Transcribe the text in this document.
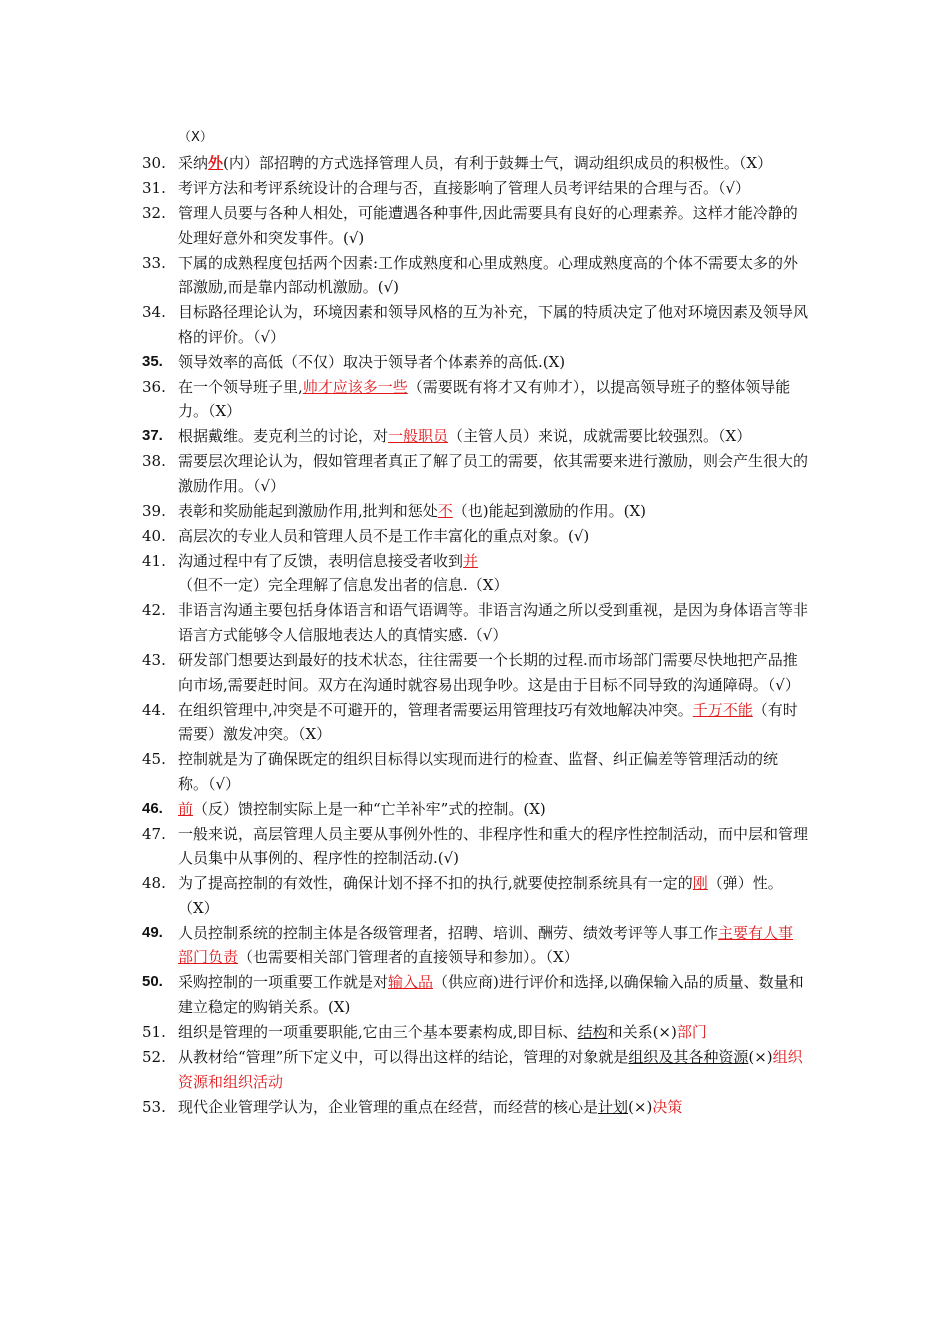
（X）
30. 采纳外(内）部招聘的方式选择管理人员，有利于鼓舞士气，调动组织成员的积极性。（X）
31. 考评方法和考评系统设计的合理与否，直接影响了管理人员考评结果的合理与否。（√）
32. 管理人员要与各种人相处，可能遭遇各种事件,因此需要具有良好的心理素养。这样才能冷静的处理好意外和突发事件。(√)
33. 下属的成熟程度包括两个因素:工作成熟度和心里成熟度。心理成熟度高的个体不需要太多的外部激励,而是靠内部动机激励。(√)
34. 目标路径理论认为，环境因素和领导风格的互为补充，下属的特质决定了他对环境因素及领导风格的评价。（√）
35.	领导效率的高低（不仅）取决于领导者个体素养的高低.(X)
36. 在一个领导班子里,帅才应该多一些（需要既有将才又有帅才），以提高领导班子的整体领导能力。（X）
37.	根据戴维。麦克利兰的讨论，对一般职员（主管人员）来说，成就需要比较强烈。（X）
38. 需要层次理论认为，假如管理者真正了解了员工的需要，依其需要来进行激励，则会产生很大的激励作用。（√）
39. 表彰和奖励能起到激励作用,批判和惩处不（也)能起到激励的作用。(X)
40. 高层次的专业人员和管理人员不是工作丰富化的重点对象。(√)
41. 沟通过程中有了反馈，表明信息接受者收到并（但不一定）完全理解了信息发出者的信息.（X）
42. 非语言沟通主要包括身体语言和语气语调等。非语言沟通之所以受到重视，是因为身体语言等非语言方式能够令人信服地表达人的真情实感.（√）
43. 研发部门想要达到最好的技术状态，往往需要一个长期的过程.而市场部门需要尽快地把产品推向市场,需要赶时间。双方在沟通时就容易出现争吵。这是由于目标不同导致的沟通障碍。（√）
44. 在组织管理中,冲突是不可避开的，管理者需要运用管理技巧有效地解决冲突。千万不能（有时需要）激发冲突。（X）
45. 控制就是为了确保既定的组织目标得以实现而进行的检查、监督、纠正偏差等管理活动的统称。（√）
46.	前（反）馈控制实际上是一种“亡羊补牢”式的控制。(X)
47. 一般来说，高层管理人员主要从事例外性的、非程序性和重大的程序性控制活动，而中层和管理人员集中从事例的、程序性的控制活动.(√)
48. 为了提高控制的有效性，确保计划不择不扣的执行,就要使控制系统具有一定的刚（弹）性。（X）
49.	人员控制系统的控制主体是各级管理者，招聘、培训、酬劳、绩效考评等人事工作主要有人事部门负责（也需要相关部门管理者的直接领导和参加）。（X）
50.	采购控制的一项重要工作就是对输入品（供应商)进行评价和选择,以确保输入品的质量、数量和建立稳定的购销关系。(X)
51. 组织是管理的一项重要职能,它由三个基本要素构成,即目标、结构和关系(×)部门
52. 从教材给“管理”所下定义中，可以得出这样的结论，管理的对象就是组织及其各种资源(×)组织资源和组织活动
53. 现代企业管理学认为，企业管理的重点在经营，而经营的核心是计划(×)决策
